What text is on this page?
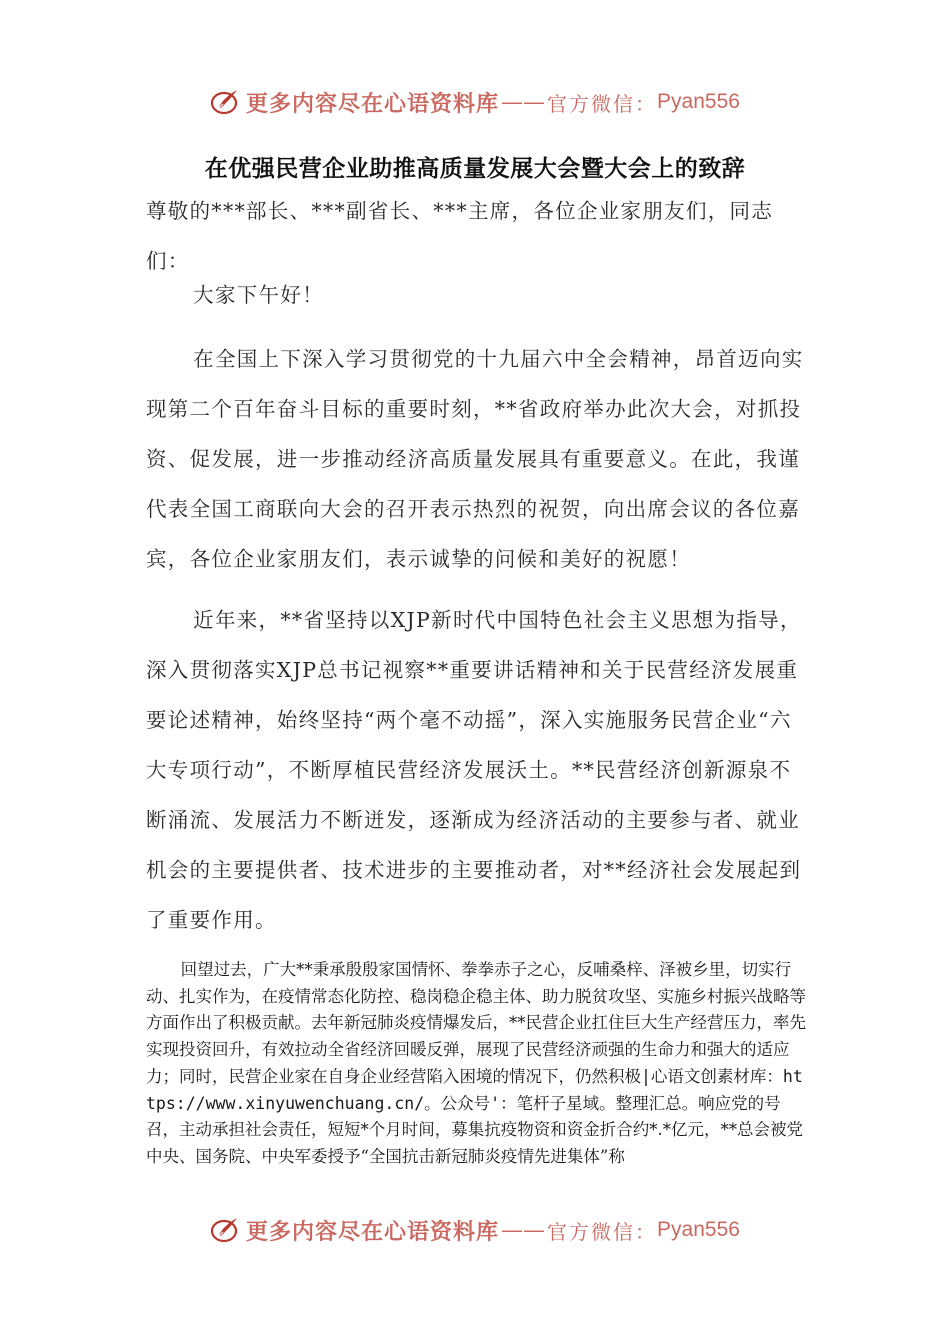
更多内容尽在心语资料库 —— 官方微信： Pyan556
在优强民营企业助推高质量发展大会暨大会上的致辞

尊敬的***部长、***副省长、***主席，各位企业家朋友们，同志们：

大家下午好！

在全国上下深入学习贯彻党的十九届六中全会精神，昂首迈向实现第二个百年奋斗目标的重要时刻，**省政府举办此次大会，对抓投资、促发展，进一步推动经济高质量发展具有重要意义。在此，我谨代表全国工商联向大会的召开表示热烈的祝贺，向出席会议的各位嘉宾，各位企业家朋友们，表示诚挚的问候和美好的祝愿！

近年来，**省坚持以XJP新时代中国特色社会主义思想为指导，深入贯彻落实XJP总书记视察**重要讲话精神和关于民营经济发展重要论述精神，始终坚持“两个毫不动摇”，深入实施服务民营企业“六大专项行动”，不断厚植民营经济发展沃土。**民营经济创新源泉不断涌流、发展活力不断迸发，逐渐成为经济活动的主要参与者、就业机会的主要提供者、技术进步的主要推动者，对**经济社会发展起到了重要作用。

回望过去，广大**秉承殷殷家国情怀、拳拳赤子之心，反哺桑梓、泽被乡里，切实行动、扎实作为，在疫情常态化防控、稳岗稳企稳主体、助力脱贫攻坚、实施乡村振兴战略等方面作出了积极贡献。去年新冠肺炎疫情爆发后，**民营企业扛住巨大生产经营压力，率先实现投资回升，有效拉动全省经济回暖反弹，展现了民营经济顽强的生命力和强大的适应力；同时，民营企业家在自身企业经营陷入困境的情况下，仍然积极|心语文创素材库：https://www.xinyuwenchuang.cn/。公众号'：笔杆子星域。整理汇总。响应党的号召，主动承担社会责任，短短*个月时间，募集抗疫物资和资金折合约*.*亿元，**总会被党中央、国务院、中央军委授予“全国抗击新冠肺炎疫情先进集体”称

更多内容尽在心语资料库 —— 官方微信： Pyan556
